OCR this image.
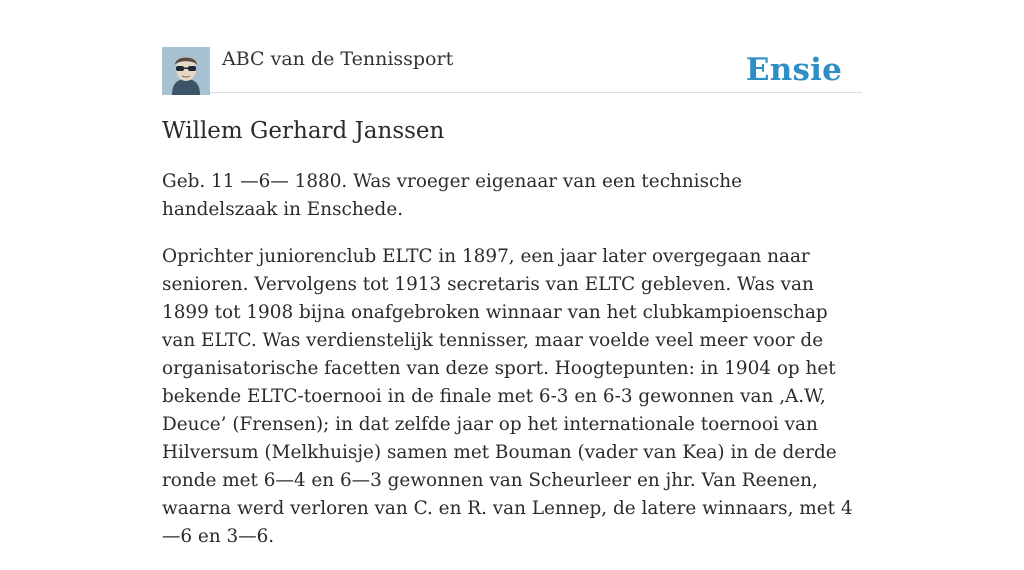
ABC van de Tennissport	Ensie
Willem Gerhard Janssen

Geb. 11 —6— 1880. Was vroeger eigenaar van een technische handelszaak in Enschede.

Oprichter juniorenclub ELTC in 1897, een jaar later overgegaan naar senioren. Vervolgens tot 1913 secretaris van ELTC gebleven. Was van 1899 tot 1908 bijna onafgebroken winnaar van het clubkampioenschap van ELTC. Was verdienstelijk tennisser, maar voelde veel meer voor de organisatorische facetten van deze sport. Hoogtepunten: in 1904 op het bekende ELTC-toernooi in de finale met 6-3 en 6-3 gewonnen van ‚A.W, Deuce’ (Frensen); in dat zelfde jaar op het internationale toernooi van Hilversum (Melkhuisje) samen met Bouman (vader van Kea) in de derde ronde met 6—4 en 6—3 gewonnen van Scheurleer en jhr. Van Reenen, waarna werd verloren van C. en R. van Lennep, de latere winnaars, met 4—6 en 3—6.
